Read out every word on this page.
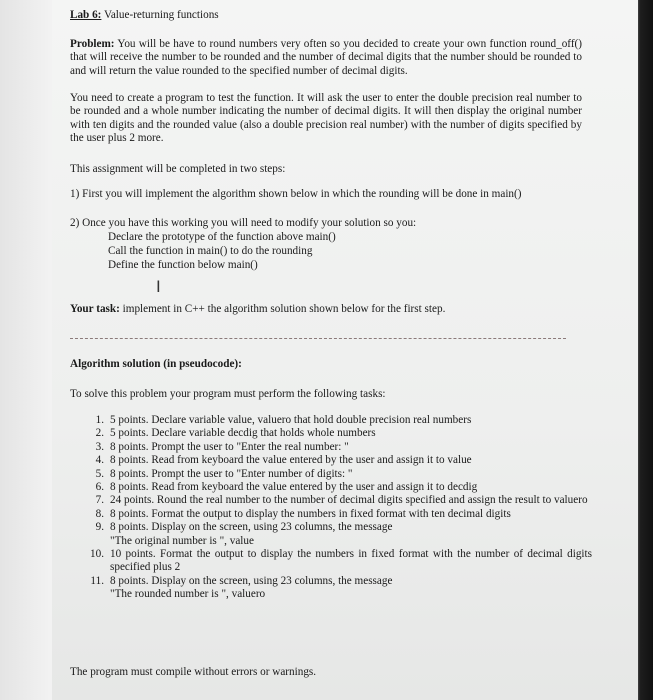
Lab 6: Value-returning functions
Problem: You will be have to round numbers very often so you decided to create your own function round_off() that will receive the number to be rounded and the number of decimal digits that the number should be rounded to and will return the value rounded to the specified number of decimal digits.
You need to create a program to test the function. It will ask the user to enter the double precision real number to be rounded and a whole number indicating the number of decimal digits. It will then display the original number with ten digits and the rounded value (also a double precision real number) with the number of digits specified by the user plus 2 more.
This assignment will be completed in two steps:
1) First you will implement the algorithm shown below in which the rounding will be done in main()
2) Once you have this working you will need to modify your solution so you:
Declare the prototype of the function above main()
Call the function in main() to do the rounding
Define the function below main()
I
Your task: implement in C++ the algorithm solution shown below for the first step.
Algorithm solution (in pseudocode):
To solve this problem your program must perform the following tasks:
1. 5 points. Declare variable value, valuero that hold double precision real numbers
2. 5 points. Declare variable decdig that holds whole numbers
3. 8 points. Prompt the user to "Enter the real number: "
4. 8 points. Read from keyboard the value entered by the user and assign it to value
5. 8 points. Prompt the user to "Enter number of digits: "
6. 8 points. Read from keyboard the value entered by the user and assign it to decdig
7. 24 points. Round the real number to the number of decimal digits specified and assign the result to valuero
8. 8 points. Format the output to display the numbers in fixed format with ten decimal digits
9. 8 points. Display on the screen, using 23 columns, the message
"The original number is ", value
10. 10 points. Format the output to display the numbers in fixed format with the number of decimal digits specified plus 2
11. 8 points. Display on the screen, using 23 columns, the message
"The rounded number is ", valuero
The program must compile without errors or warnings.
